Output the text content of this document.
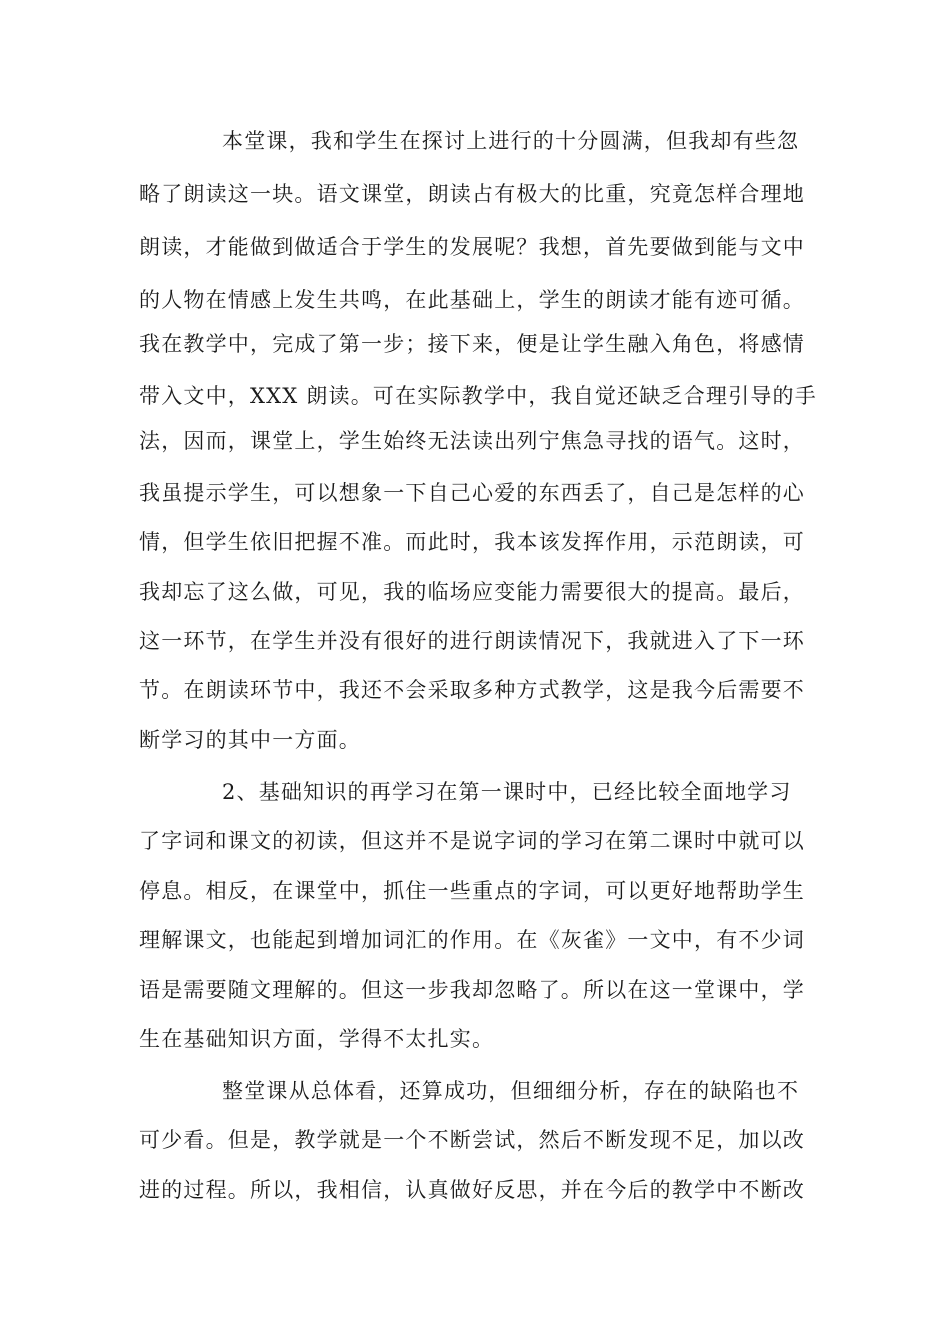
本堂课，我和学生在探讨上进行的十分圆满，但我却有些忽
略了朗读这一块。语文课堂，朗读占有极大的比重，究竟怎样合理地
朗读，才能做到做适合于学生的发展呢？我想，首先要做到能与文中
的人物在情感上发生共鸣，在此基础上，学生的朗读才能有迹可循。
我在教学中，完成了第一步；接下来，便是让学生融入角色，将感情
带入文中，XXX 朗读。可在实际教学中，我自觉还缺乏合理引导的手
法，因而，课堂上，学生始终无法读出列宁焦急寻找的语气。这时，
我虽提示学生，可以想象一下自己心爱的东西丢了，自己是怎样的心
情，但学生依旧把握不准。而此时，我本该发挥作用，示范朗读，可
我却忘了这么做，可见，我的临场应变能力需要很大的提高。最后，
这一环节，在学生并没有很好的进行朗读情况下，我就进入了下一环
节。在朗读环节中，我还不会采取多种方式教学，这是我今后需要不
断学习的其中一方面。
2、基础知识的再学习在第一课时中，已经比较全面地学习
了字词和课文的初读，但这并不是说字词的学习在第二课时中就可以
停息。相反，在课堂中，抓住一些重点的字词，可以更好地帮助学生
理解课文，也能起到增加词汇的作用。在《灰雀》一文中，有不少词
语是需要随文理解的。但这一步我却忽略了。所以在这一堂课中，学
生在基础知识方面，学得不太扎实。
整堂课从总体看，还算成功，但细细分析，存在的缺陷也不
可少看。但是，教学就是一个不断尝试，然后不断发现不足，加以改
进的过程。所以，我相信，认真做好反思，并在今后的教学中不断改
